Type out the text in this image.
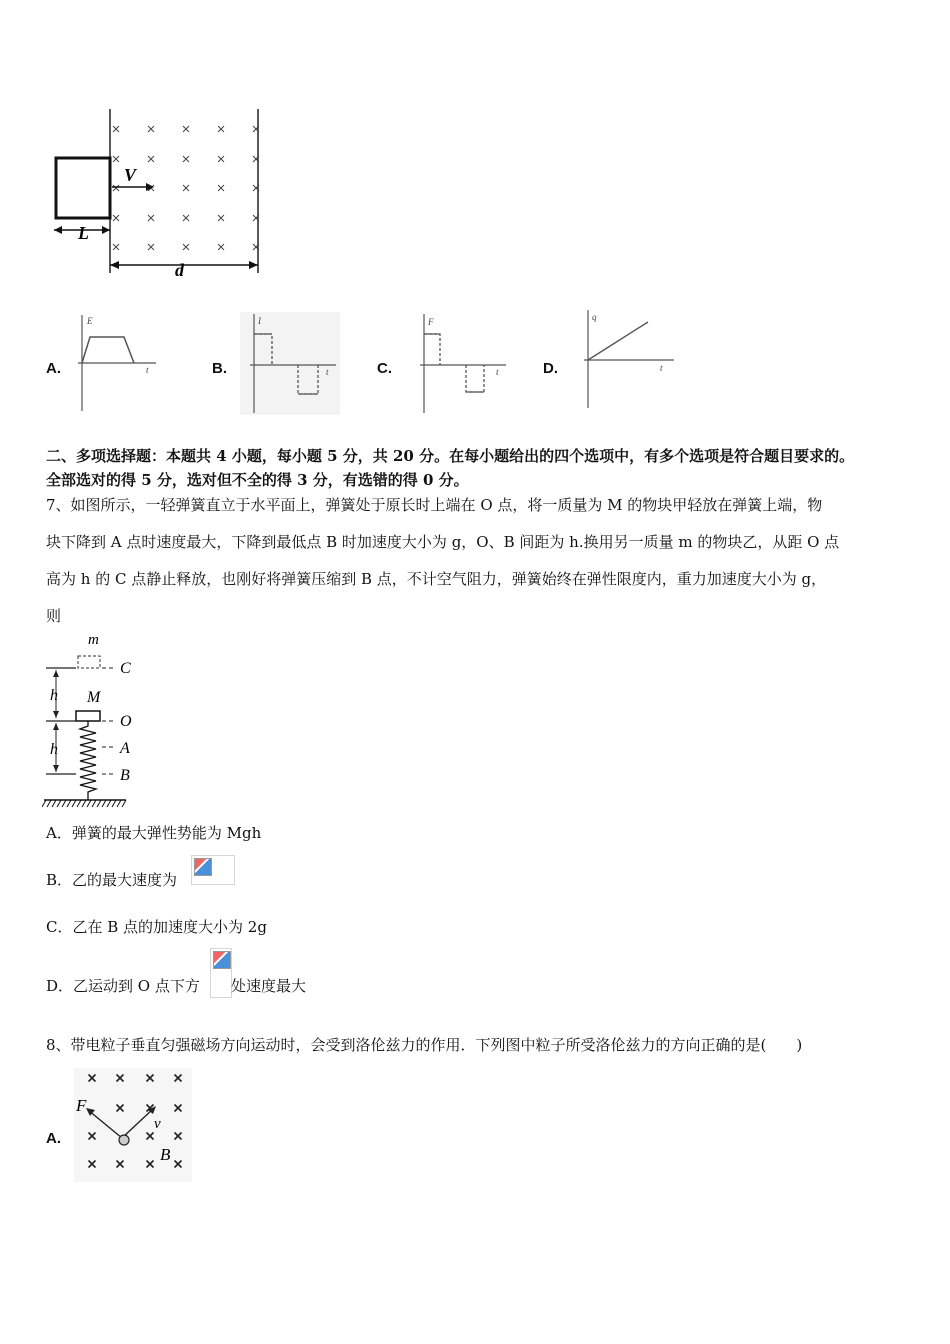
V
L
d
A.
E
t	B.
I
t	C.
F
t	D.
q
t
二、多项选择题：本题共 4 小题，每小题 5 分，共 20 分。在每小题给出的四个选项中，有多个选项是符合题目要求的。
全部选对的得 5 分，选对但不全的得 3 分，有选错的得 0 分。
7、如图所示，一轻弹簧直立于水平面上，弹簧处于原长时上端在 O 点，将一质量为 M 的物块甲轻放在弹簧上端，物
块下降到 A 点时速度最大，下降到最低点 B 时加速度大小为 g，O、B 间距为 h.换用另一质量 m 的物块乙，从距 O 点
高为 h 的 C 点静止释放，也刚好将弹簧压缩到 B 点，不计空气阻力，弹簧始终在弹性限度内，重力加速度大小为 g，
则
m
C
h M
O
A
B
h
A．弹簧的最大弹性势能为 Mgh
B．乙的最大速度为
C．乙在 B 点的加速度大小为 2g
D．乙运动到 O 点下方 处速度最大
8、带电粒子垂直匀强磁场方向运动时，会受到洛伦兹力的作用．下列图中粒子所受洛伦兹力的方向正确的是(　　)
A.
F
v
B
